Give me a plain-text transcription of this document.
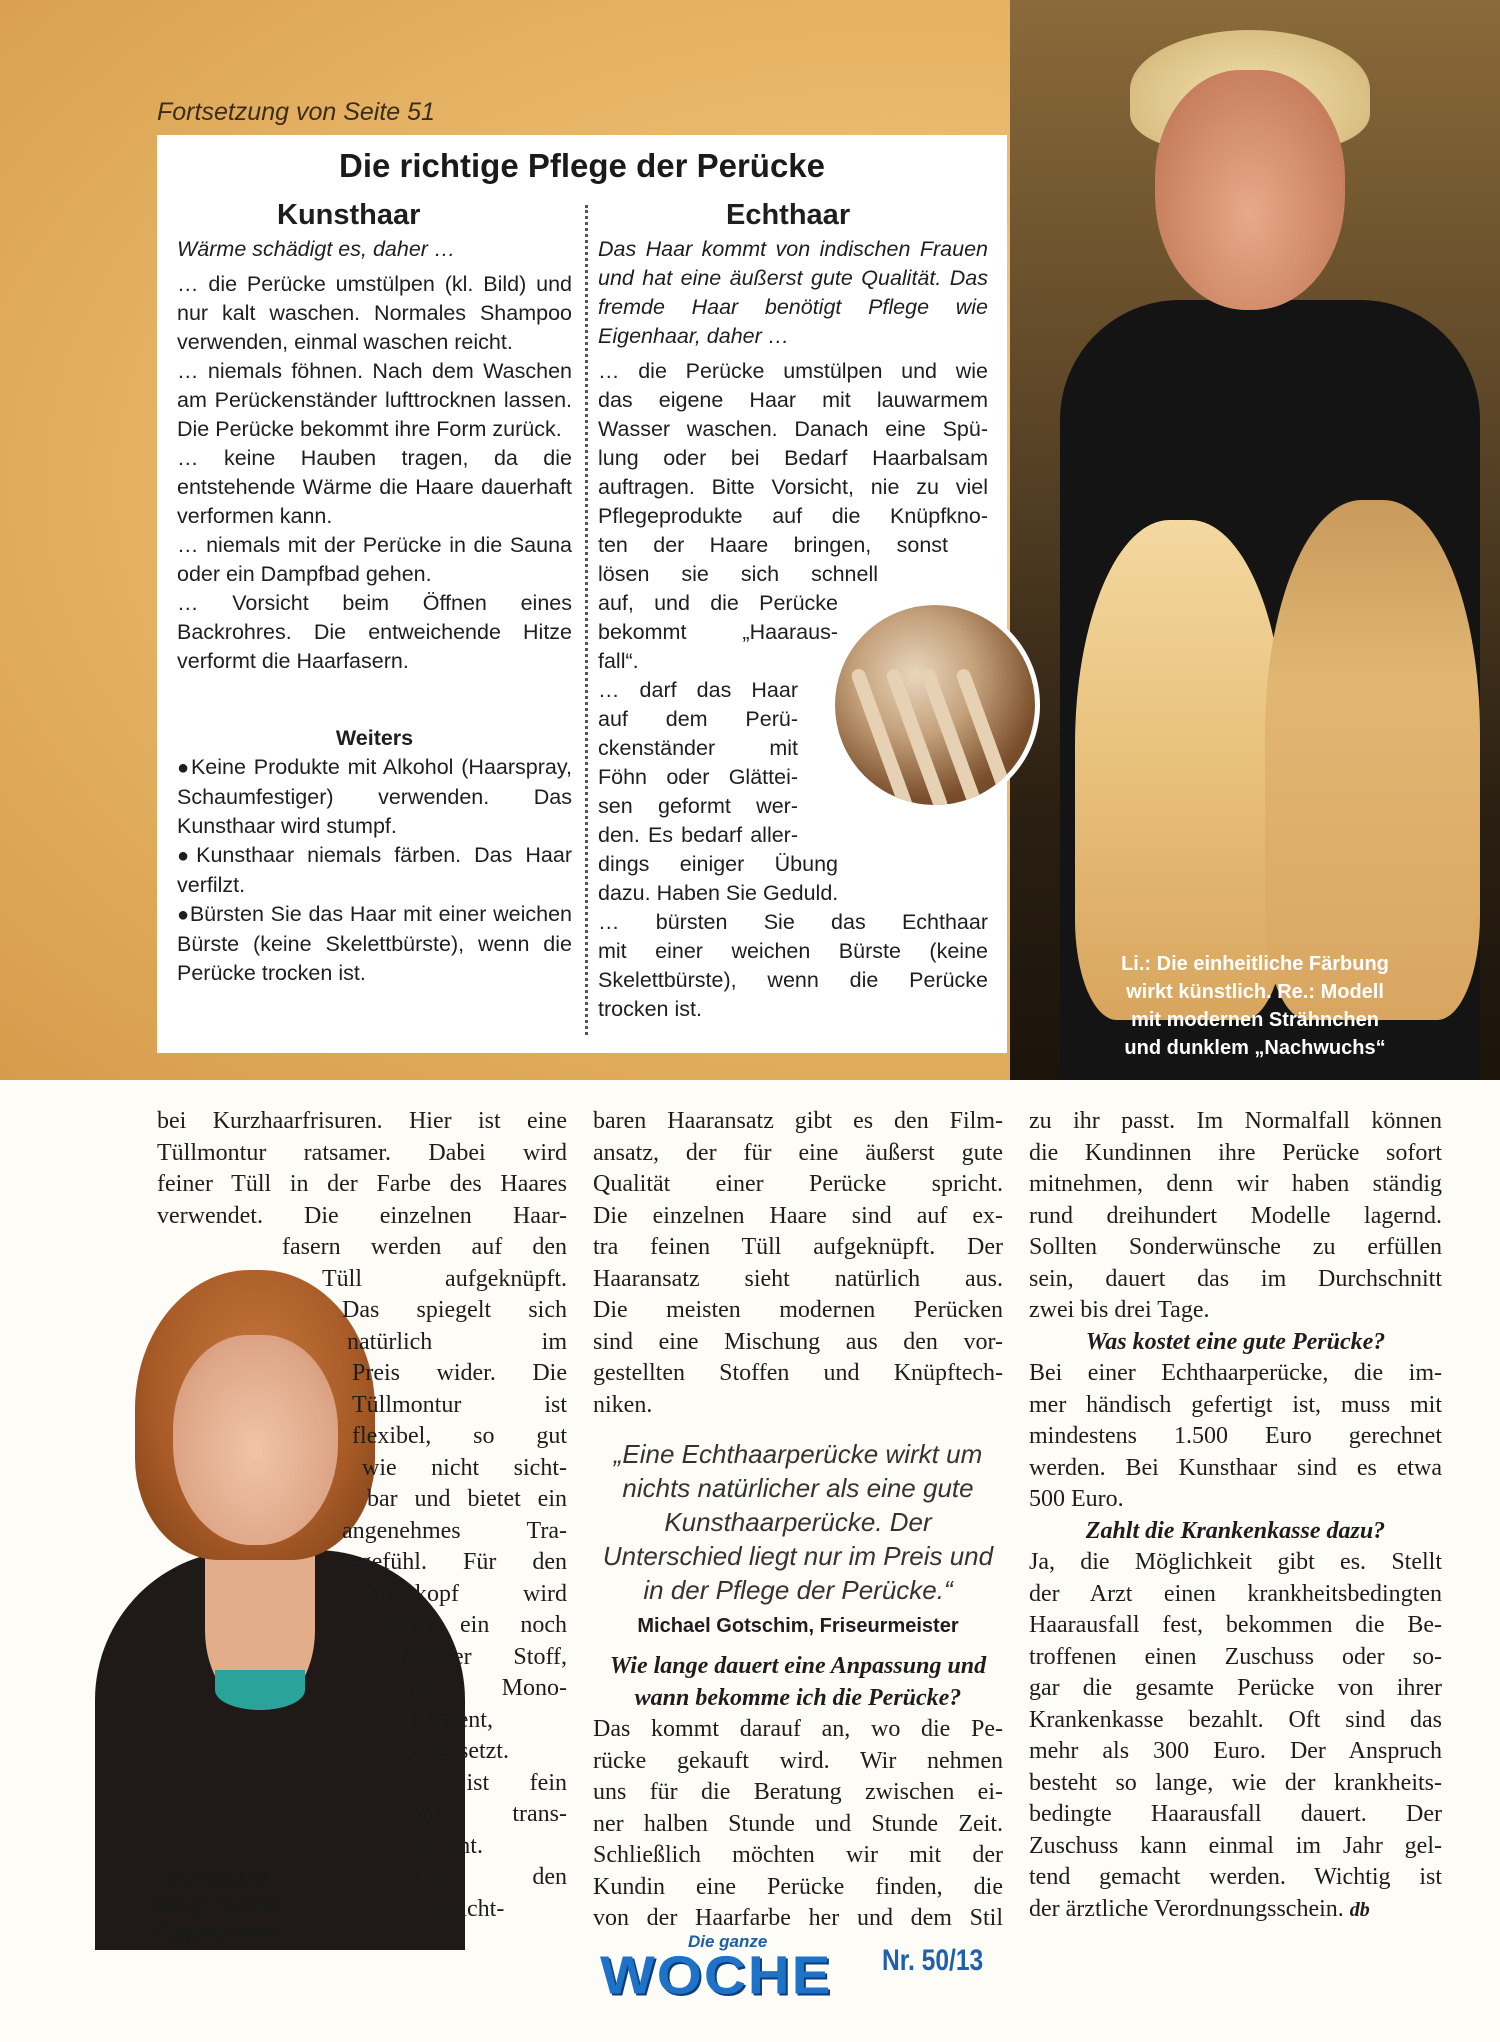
Fortsetzung von Seite 51
Li.: Die einheitliche Färbung
wirkt künstlich. Re.: Modell
mit modernen Strähnchen
und dunklem „Nachwuchs“
Die richtige Pflege der Perücke
Kunsthaar
Wärme schädigt es, daher …
… die Perücke umstülpen (kl. Bild) und nur kalt waschen. Normales Shampoo verwenden, einmal waschen reicht.
… niemals föhnen. Nach dem Waschen am Perückenständer lufttrocknen lassen. Die Perücke bekommt ihre Form zurück.
… keine Hauben tragen, da die entstehende Wärme die Haare dauerhaft verformen kann.
… niemals mit der Perücke in die Sauna oder ein Dampfbad gehen.
… Vorsicht beim Öffnen eines Backrohres. Die entweichende Hitze verformt die Haarfasern.
Weiters
●Keine Produkte mit Alkohol (Haarspray, Schaumfestiger) verwenden. Das Kunsthaar wird stumpf.
●Kunsthaar niemals färben. Das Haar verfilzt.
●Bürsten Sie das Haar mit einer weichen Bürste (keine Skelettbürste), wenn die Perücke trocken ist.
Echthaar
Das Haar kommt von indischen Frauen und hat eine äußerst gute Qualität. Das fremde Haar benötigt Pflege wie Eigenhaar, daher …
… die Perücke umstülpen und wie
das eigene Haar mit lauwarmem
Wasser waschen. Danach eine Spü-
lung oder bei Bedarf Haarbalsam
auftragen. Bitte Vorsicht, nie zu viel
Pflegeprodukte auf die Knüpfkno-
ten der Haare bringen, sonst
lösen sie sich schnell
auf, und die Perücke
bekommt „Haaraus-
fall“.
… darf das Haar
auf dem Perü-
ckenständer mit
Föhn oder Glättei-
sen geformt wer-
den. Es bedarf aller-
dings einiger Übung
dazu. Haben Sie Geduld.
… bürsten Sie das Echthaar
mit einer weichen Bürste (keine
Skelettbürste), wenn die Perücke
trocken ist.
Ein Modell
mit gestuftem
Pagenschnitt
bei Kurzhaarfrisuren. Hier ist eine
Tüllmontur ratsamer. Dabei wird
feiner Tüll in der Farbe des Haares
verwendet. Die einzelnen Haar-
fasern werden auf den
Tüll aufgeknüpft.
Das spiegelt sich
natürlich im
Preis wider. Die
Tüllmontur ist
flexibel, so gut
wie nicht sicht-
bar und bietet ein
angenehmes Tra-
gegefühl. Für den
Oberkopf wird
meist ein noch
feinerer Stoff,
das Mono-
filament,
eingesetzt.
Es ist fein
und trans-
parent.
Für den
unsicht-
baren Haaransatz gibt es den Film-
ansatz, der für eine äußerst gute
Qualität einer Perücke spricht.
Die einzelnen Haare sind auf ex-
tra feinen Tüll aufgeknüpft. Der
Haaransatz sieht natürlich aus.
Die meisten modernen Perücken
sind eine Mischung aus den vor-
gestellten Stoffen und Knüpftech-
niken.
„Eine Echthaarperücke wirkt um nichts natürlicher als eine gute Kunsthaarperücke. Der Unterschied liegt nur im Preis und in der Pflege der Perücke.“
Michael Gotschim, Friseurmeister
Wie lange dauert eine Anpassung und wann bekomme ich die Perücke?
Das kommt darauf an, wo die Pe-
rücke gekauft wird. Wir nehmen
uns für die Beratung zwischen ei-
ner halben Stunde und Stunde Zeit.
Schließlich möchten wir mit der
Kundin eine Perücke finden, die
von der Haarfarbe her und dem Stil
zu ihr passt. Im Normalfall können
die Kundinnen ihre Perücke sofort
mitnehmen, denn wir haben ständig
rund dreihundert Modelle lagernd.
Sollten Sonderwünsche zu erfüllen
sein, dauert das im Durchschnitt
zwei bis drei Tage.
Was kostet eine gute Perücke?
Bei einer Echthaarperücke, die im-
mer händisch gefertigt ist, muss mit
mindestens 1.500 Euro gerechnet
werden. Bei Kunsthaar sind es etwa
500 Euro.
Zahlt die Krankenkasse dazu?
Ja, die Möglichkeit gibt es. Stellt
der Arzt einen krankheitsbedingten
Haarausfall fest, bekommen die Be-
troffenen einen Zuschuss oder so-
gar die gesamte Perücke von ihrer
Krankenkasse bezahlt. Oft sind das
mehr als 300 Euro. Der Anspruch
besteht so lange, wie der krankheits-
bedingte Haarausfall dauert. Der
Zuschuss kann einmal im Jahr gel-
tend gemacht werden. Wichtig ist
der ärztliche Verordnungsschein. db
WOCHE
Die ganze
Nr. 50/13
